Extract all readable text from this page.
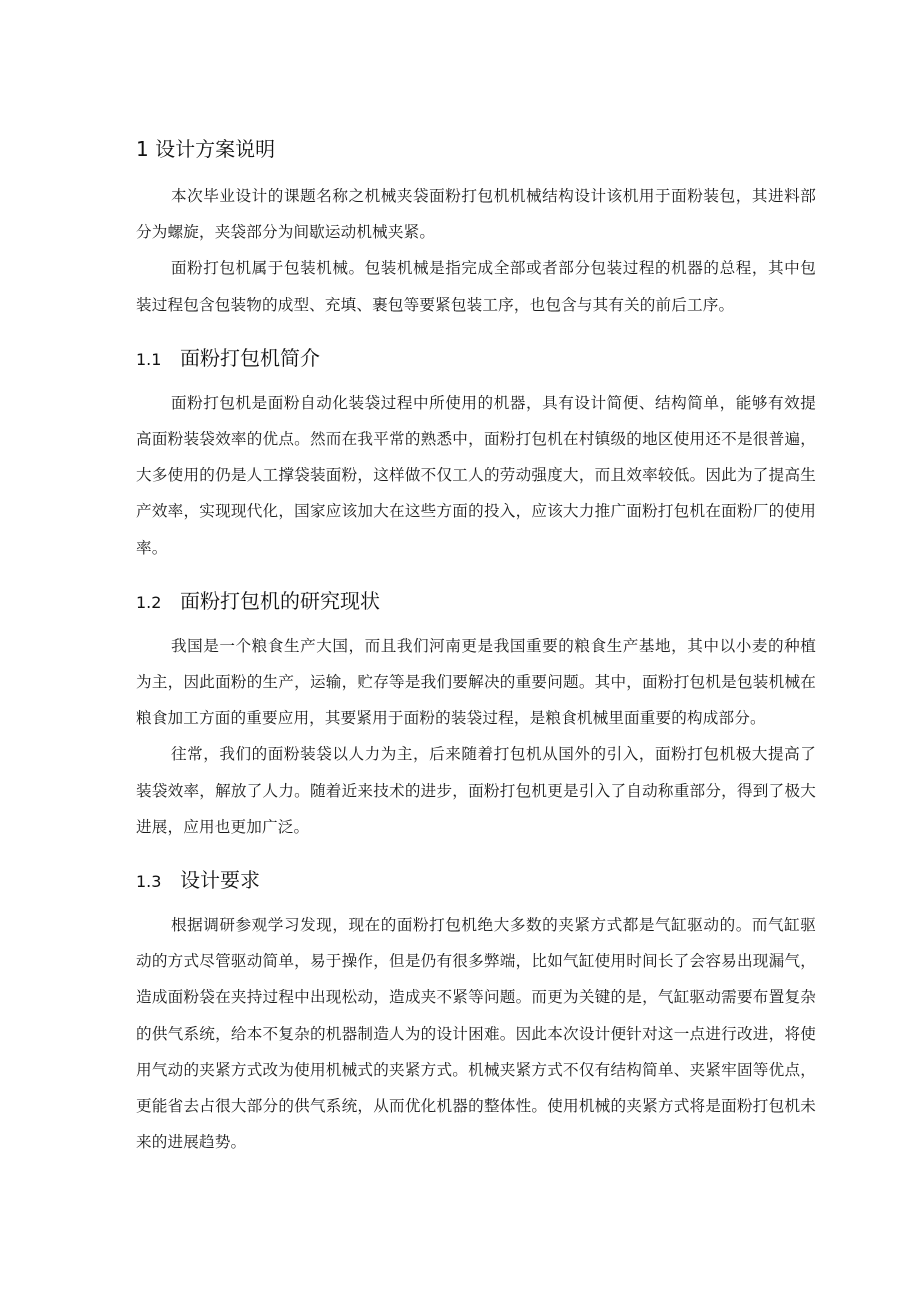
1 设计方案说明

本次毕业设计的课题名称之机械夹袋面粉打包机机械结构设计该机用于面粉装包，其进料部分为螺旋，夹袋部分为间歇运动机械夹紧。

面粉打包机属于包装机械。包装机械是指完成全部或者部分包装过程的机器的总程，其中包装过程包含包装物的成型、充填、裹包等要紧包装工序，也包含与其有关的前后工序。

1.1 面粉打包机简介

面粉打包机是面粉自动化装袋过程中所使用的机器，具有设计简便、结构简单，能够有效提高面粉装袋效率的优点。然而在我平常的熟悉中，面粉打包机在村镇级的地区使用还不是很普遍，大多使用的仍是人工撑袋装面粉，这样做不仅工人的劳动强度大，而且效率较低。因此为了提高生产效率，实现现代化，国家应该加大在这些方面的投入，应该大力推广面粉打包机在面粉厂的使用率。

1.2 面粉打包机的研究现状

我国是一个粮食生产大国，而且我们河南更是我国重要的粮食生产基地，其中以小麦的种植为主，因此面粉的生产，运输，贮存等是我们要解决的重要问题。其中，面粉打包机是包装机械在粮食加工方面的重要应用，其要紧用于面粉的装袋过程，是粮食机械里面重要的构成部分。

往常，我们的面粉装袋以人力为主，后来随着打包机从国外的引入，面粉打包机极大提高了装袋效率，解放了人力。随着近来技术的进步，面粉打包机更是引入了自动称重部分，得到了极大进展，应用也更加广泛。

1.3 设计要求

根据调研参观学习发现，现在的面粉打包机绝大多数的夹紧方式都是气缸驱动的。而气缸驱动的方式尽管驱动简单，易于操作，但是仍有很多弊端，比如气缸使用时间长了会容易出现漏气，造成面粉袋在夹持过程中出现松动，造成夹不紧等问题。而更为关键的是，气缸驱动需要布置复杂的供气系统，给本不复杂的机器制造人为的设计困难。因此本次设计便针对这一点进行改进，将使用气动的夹紧方式改为使用机械式的夹紧方式。机械夹紧方式不仅有结构简单、夹紧牢固等优点，更能省去占很大部分的供气系统，从而优化机器的整体性。使用机械的夹紧方式将是面粉打包机未来的进展趋势。
